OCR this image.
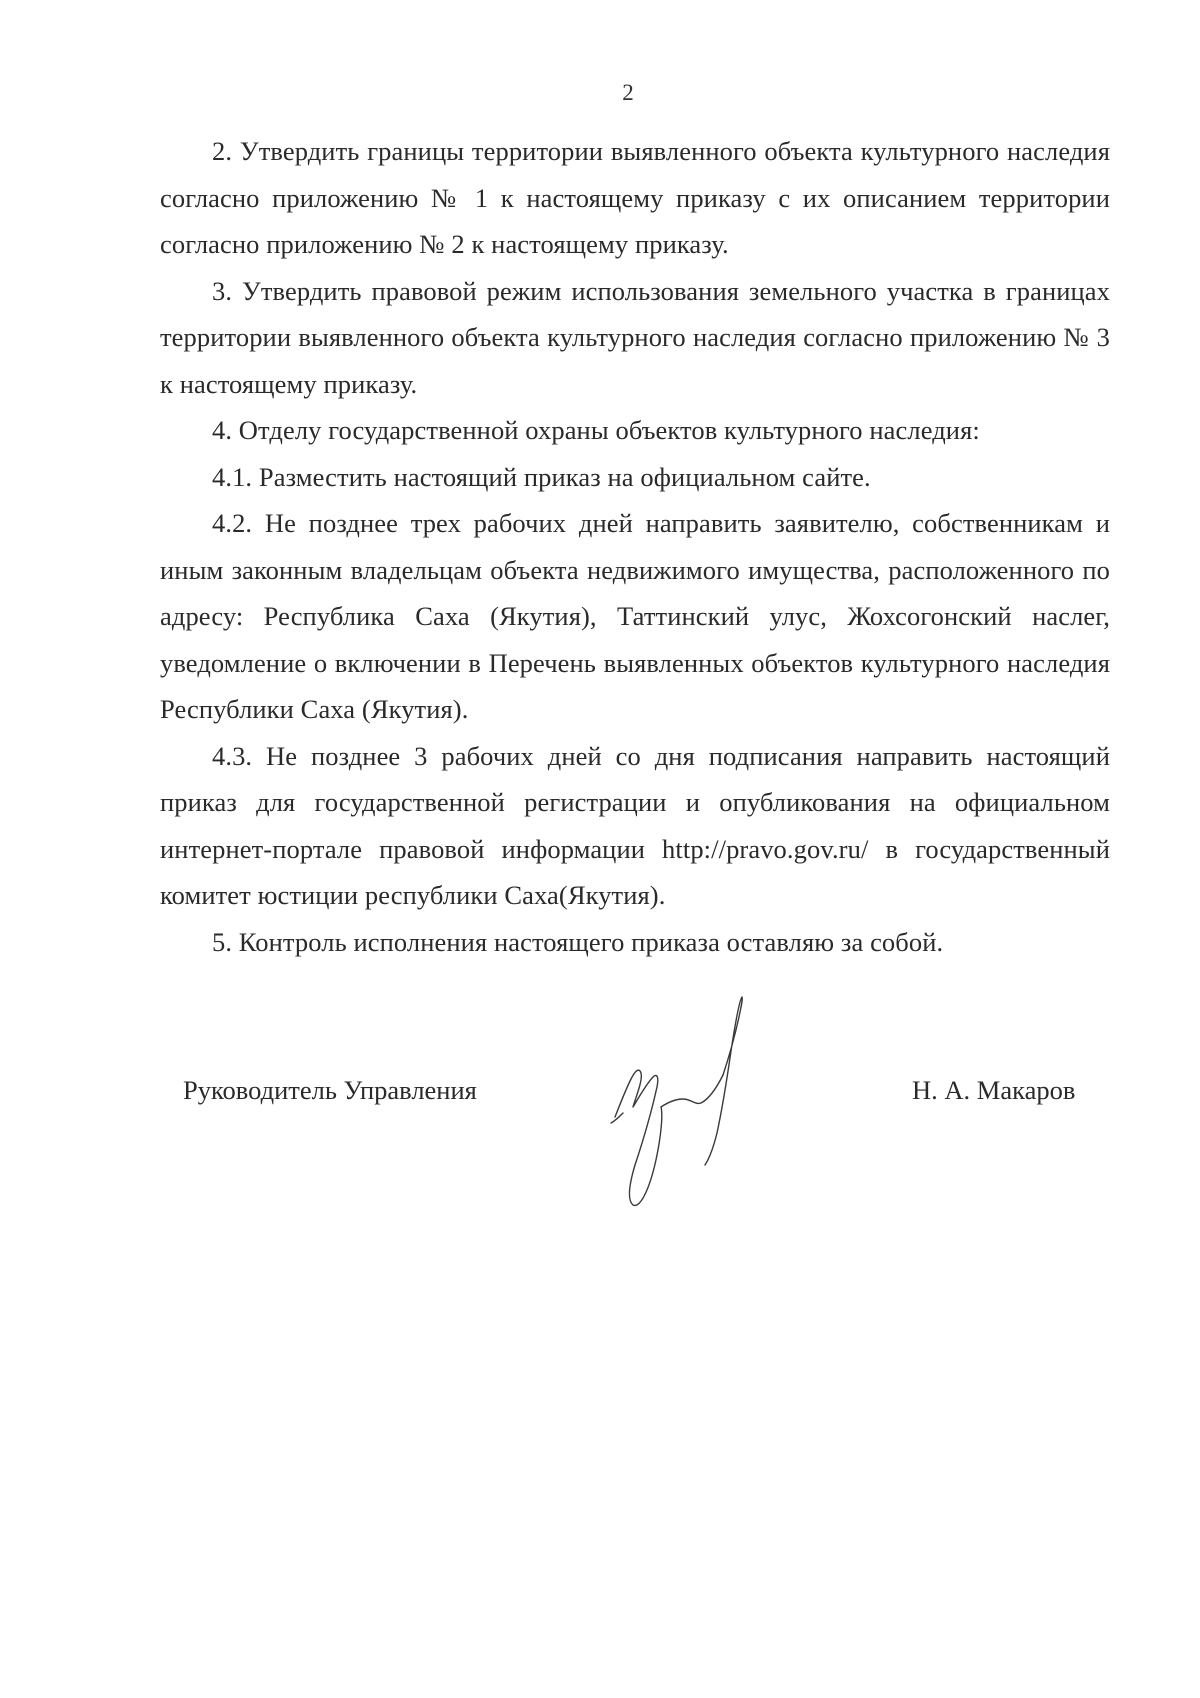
2

2. Утвердить границы территории выявленного объекта культурного наследия согласно приложению № 1 к настоящему приказу с их описанием территории согласно приложению № 2 к настоящему приказу.

3. Утвердить правовой режим использования земельного участка в границах территории выявленного объекта культурного наследия согласно приложению № 3 к настоящему приказу.

4. Отделу государственной охраны объектов культурного наследия:

4.1. Разместить настоящий приказ на официальном сайте.

4.2. Не позднее трех рабочих дней направить заявителю, собственникам и иным законным владельцам объекта недвижимого имущества, расположенного по адресу: Республика Саха (Якутия), Таттинский улус, Жохсогонский наслег, уведомление о включении в Перечень выявленных объектов культурного наследия Республики Саха (Якутия).

4.3. Не позднее 3 рабочих дней со дня подписания направить настоящий приказ для государственной регистрации и опубликования на официальном интернет-портале правовой информации http://pravo.gov.ru/ в государственный комитет юстиции республики Саха(Якутия).

5. Контроль исполнения настоящего приказа оставляю за собой.

Руководитель Управления	Н. А. Макаров
